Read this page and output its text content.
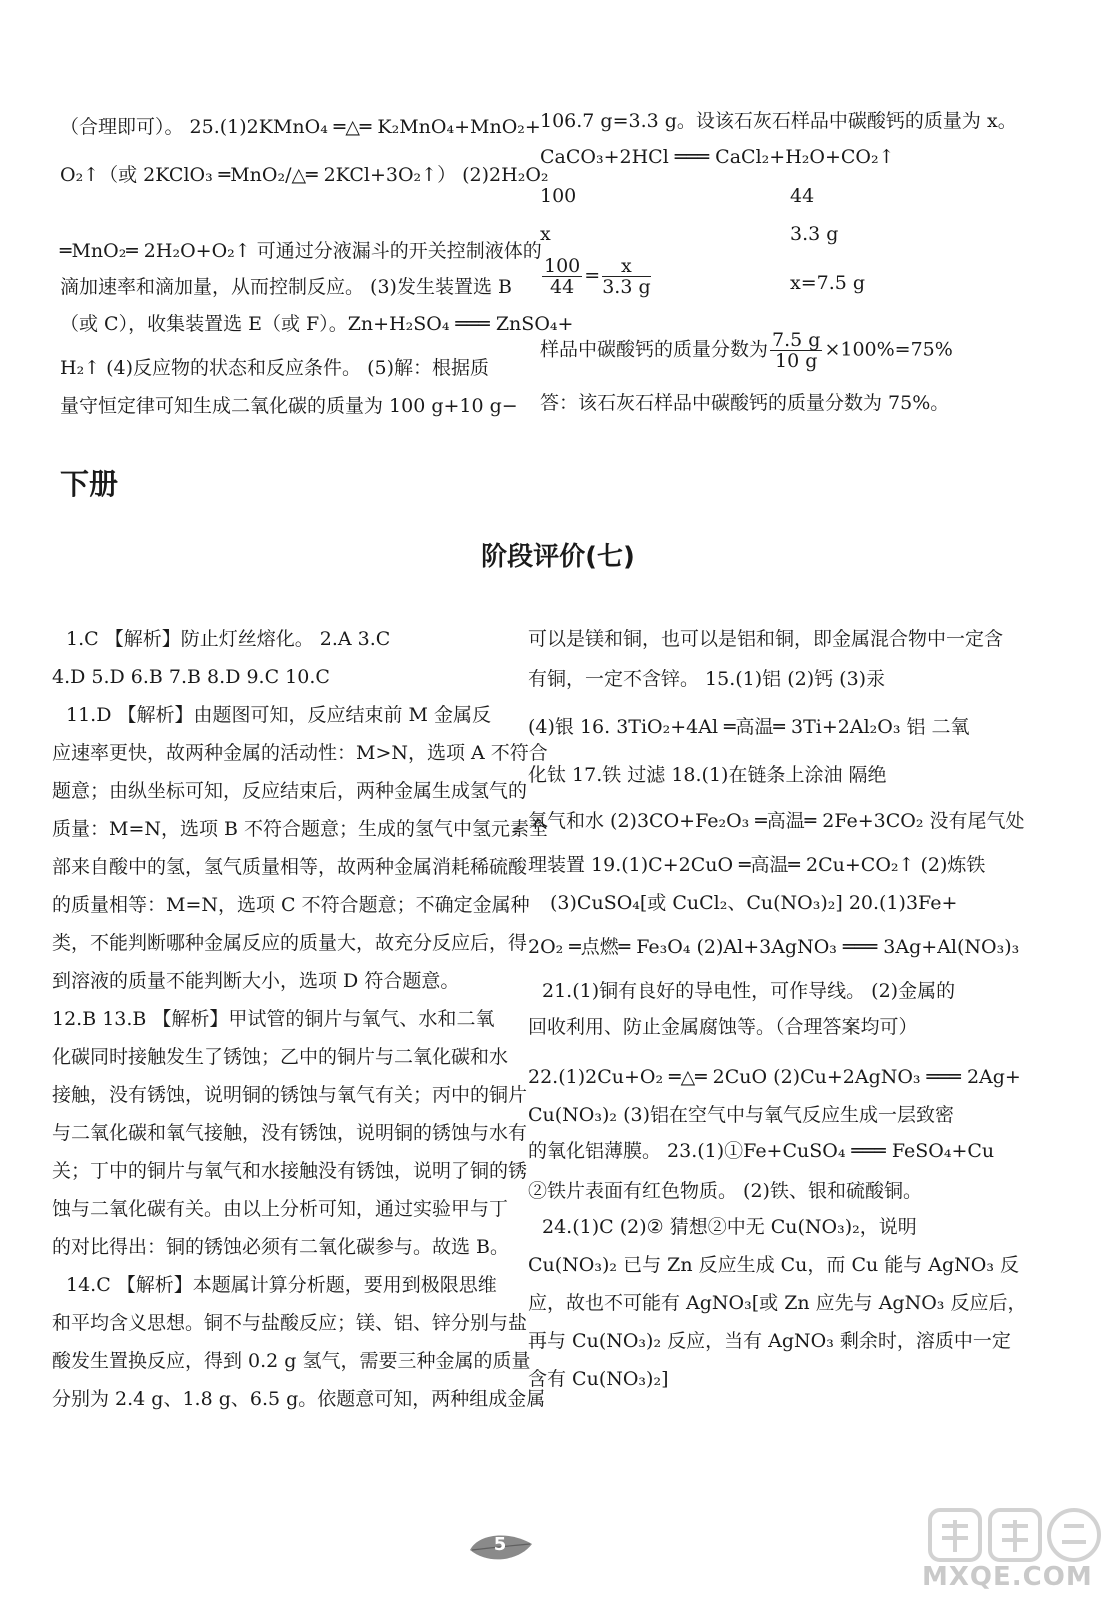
（合理即可）。 25.(1)2KMnO₄ ═△═ K₂MnO₄+MnO₂+
O₂↑（或 2KClO₃ ═MnO₂/△═ 2KCl+3O₂↑） (2)2H₂O₂
═MnO₂═ 2H₂O+O₂↑ 可通过分液漏斗的开关控制液体的
滴加速率和滴加量，从而控制反应。 (3)发生装置选 B
（或 C），收集装置选 E（或 F）。Zn+H₂SO₄ ═══ ZnSO₄+
H₂↑ (4)反应物的状态和反应条件。 (5)解：根据质
量守恒定律可知生成二氧化碳的质量为 100 g+10 g−
106.7 g=3.3 g。设该石灰石样品中碳酸钙的质量为 x。
CaCO₃+2HCl ═══ CaCl₂+H₂O+CO₂↑
100	44
x	3.3 g
$\frac{100}{44} = \frac{x}{3.3 g}$	x=7.5 g
样品中碳酸钙的质量分数为 $\frac{7.5 g}{10 g} \times 100\%=75\%$
答：该石灰石样品中碳酸钙的质量分数为 75%。
下册
阶段评价(七)
1.C 【解析】防止灯丝熔化。 2.A 3.C
4.D 5.D 6.B 7.B 8.D 9.C 10.C
11.D 【解析】由题图可知，反应结束前 M 金属反
应速率更快，故两种金属的活动性：M>N，选项 A 不符合
题意；由纵坐标可知，反应结束后，两种金属生成氢气的
质量：M=N，选项 B 不符合题意；生成的氢气中氢元素全
部来自酸中的氢，氢气质量相等，故两种金属消耗稀硫酸
的质量相等：M=N，选项 C 不符合题意；不确定金属种
类，不能判断哪种金属反应的质量大，故充分反应后，得
到溶液的质量不能判断大小，选项 D 符合题意。
12.B 13.B 【解析】甲试管的铜片与氧气、水和二氧
化碳同时接触发生了锈蚀；乙中的铜片与二氧化碳和水
接触，没有锈蚀，说明铜的锈蚀与氧气有关；丙中的铜片
与二氧化碳和氧气接触，没有锈蚀，说明铜的锈蚀与水有
关；丁中的铜片与氧气和水接触没有锈蚀，说明了铜的锈
蚀与二氧化碳有关。由以上分析可知，通过实验甲与丁
的对比得出：铜的锈蚀必须有二氧化碳参与。故选 B。
14.C 【解析】本题属计算分析题，要用到极限思维
和平均含义思想。铜不与盐酸反应；镁、铝、锌分别与盐
酸发生置换反应，得到 0.2 g 氢气，需要三种金属的质量
分别为 2.4 g、1.8 g、6.5 g。依题意可知，两种组成金属
可以是镁和铜，也可以是铝和铜，即金属混合物中一定含
有铜，一定不含锌。 15.(1)铝 (2)钙 (3)汞
(4)银 16. 3TiO₂+4Al ═高温═ 3Ti+2Al₂O₃ 铝 二氧
化钛 17.铁 过滤 18.(1)在链条上涂油 隔绝
氧气和水 (2)3CO+Fe₂O₃ ═高温═ 2Fe+3CO₂ 没有尾气处
理装置 19.(1)C+2CuO ═高温═ 2Cu+CO₂↑ (2)炼铁
(3)CuSO₄[或 CuCl₂、Cu(NO₃)₂] 20.(1)3Fe+
2O₂ ═点燃═ Fe₃O₄ (2)Al+3AgNO₃ ═══ 3Ag+Al(NO₃)₃
21.(1)铜有良好的导电性，可作导线。 (2)金属的
回收利用、防止金属腐蚀等。（合理答案均可）
22.(1)2Cu+O₂ ═△═ 2CuO (2)Cu+2AgNO₃ ═══ 2Ag+
Cu(NO₃)₂ (3)铝在空气中与氧气反应生成一层致密
的氧化铝薄膜。 23.(1)①Fe+CuSO₄ ═══ FeSO₄+Cu
②铁片表面有红色物质。 (2)铁、银和硫酸铜。
24.(1)C (2)② 猜想②中无 Cu(NO₃)₂，说明
Cu(NO₃)₂ 已与 Zn 反应生成 Cu，而 Cu 能与 AgNO₃ 反
应，故也不可能有 AgNO₃[或 Zn 应先与 AgNO₃ 反应后，
再与 Cu(NO₃)₂ 反应，当有 AgNO₃ 剩余时，溶质中一定
含有 Cu(NO₃)₂]
5
MXQE.COM
